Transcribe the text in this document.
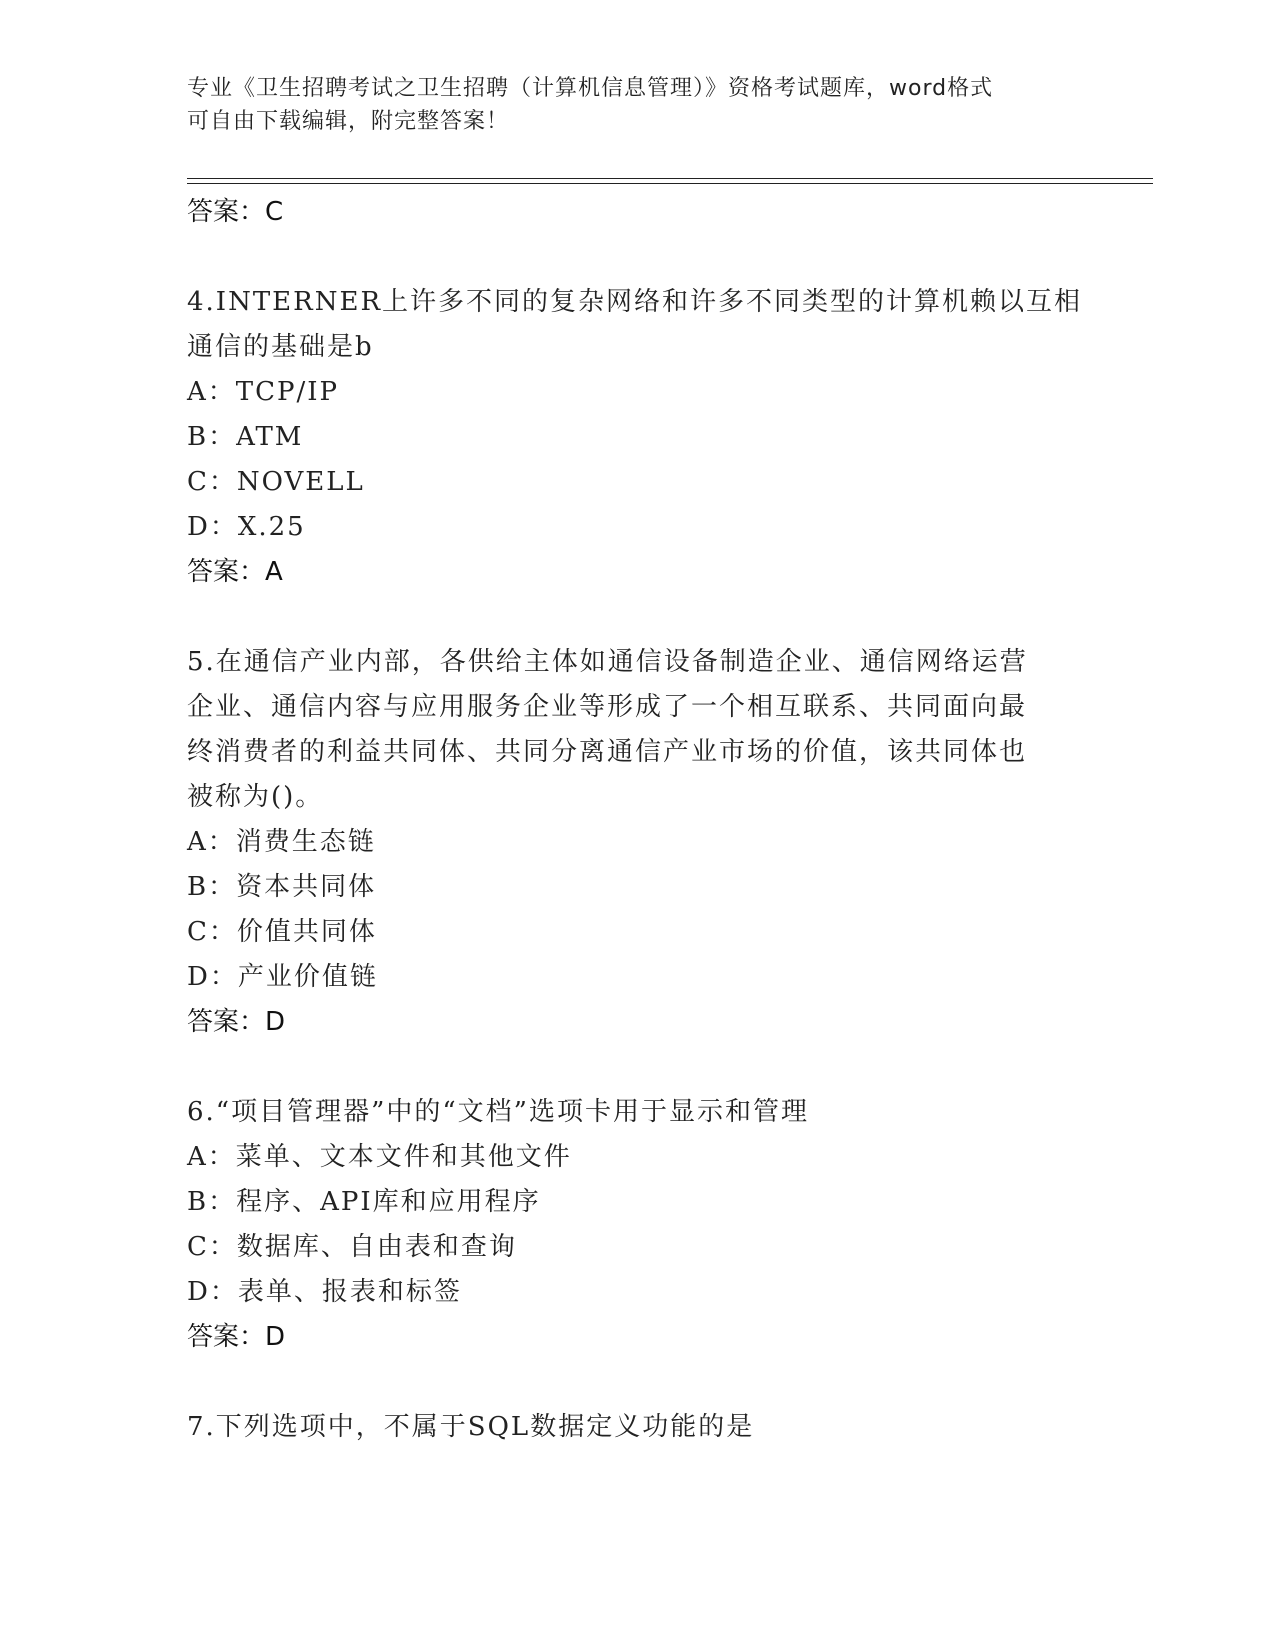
专业《卫生招聘考试之卫生招聘（计算机信息管理）》资格考试题库，word格式
可自由下载编辑，附完整答案！
答案：C
4.INTERNER上许多不同的复杂网络和许多不同类型的计算机赖以互相
通信的基础是b
A：TCP/IP
B：ATM
C：NOVELL
D：X.25
答案：A
5.在通信产业内部，各供给主体如通信设备制造企业、通信网络运营
企业、通信内容与应用服务企业等形成了一个相互联系、共同面向最
终消费者的利益共同体、共同分离通信产业市场的价值，该共同体也
被称为()。
A：消费生态链
B：资本共同体
C：价值共同体
D：产业价值链
答案：D
6.“项目管理器”中的“文档”选项卡用于显示和管理
A：菜单、文本文件和其他文件
B：程序、API库和应用程序
C：数据库、自由表和查询
D：表单、报表和标签
答案：D
7.下列选项中，不属于SQL数据定义功能的是
